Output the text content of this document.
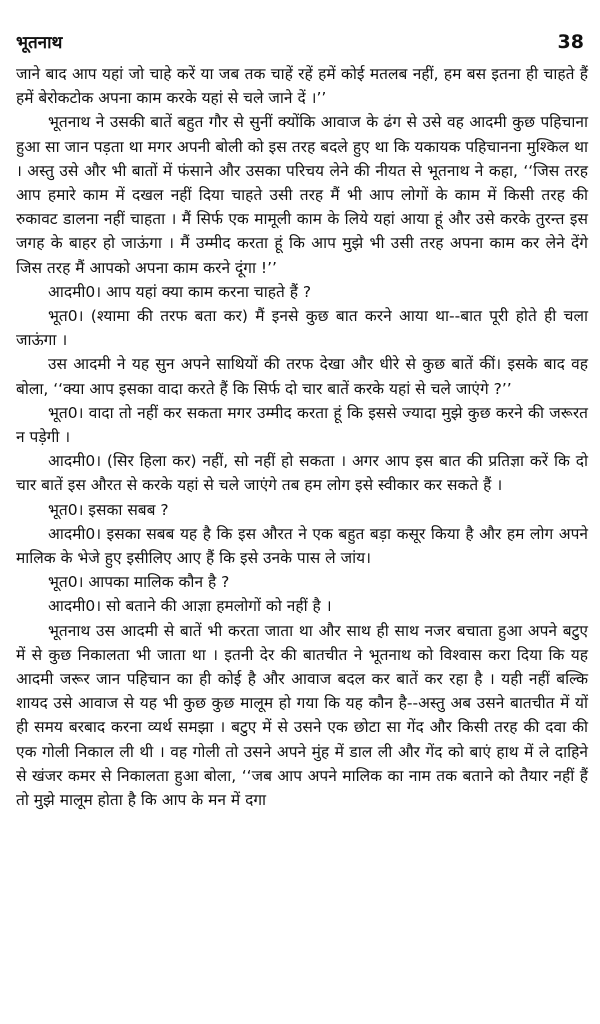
भूतनाथ	38

जाने बाद आप यहां जो चाहे करें या जब तक चाहें रहें हमें कोई मतलब नहीं, हम बस इतना ही चाहते हैं हमें बेरोकटोक अपना काम करके यहां से चले जाने दें ।’’

भूतनाथ ने उसकी बातें बहुत गौर से सुनीं क्योंकि आवाज के ढंग से उसे वह आदमी कुछ पहिचाना हुआ सा जान पड़ता था मगर अपनी बोली को इस तरह बदले हुए था कि यकायक पहिचानना मुश्किल था । अस्तु उसे और भी बातों में फंसाने और उसका परिचय लेने की नीयत से भूतनाथ ने कहा, ‘‘जिस तरह आप हमारे काम में दखल नहीं दिया चाहते उसी तरह मैं भी आप लोगों के काम में किसी तरह की रुकावट डालना नहीं चाहता । मैं सिर्फ एक मामूली काम के लिये यहां आया हूं और उसे करके तुरन्त इस जगह के बाहर हो जाऊंगा । मैं उम्मीद करता हूं कि आप मुझे भी उसी तरह अपना काम कर लेने देंगे जिस तरह मैं आपको अपना काम करने दूंगा !’’

आदमी0। आप यहां क्या काम करना चाहते हैं ?

भूत0। (श्यामा की तरफ बता कर) मैं इनसे कुछ बात करने आया था--बात पूरी होते ही चला जाऊंगा ।

उस आदमी ने यह सुन अपने साथियों की तरफ देखा और धीरे से कुछ बातें कीं। इसके बाद वह बोला, ‘‘क्या आप इसका वादा करते हैं कि सिर्फ दो चार बातें करके यहां से चले जाएंगे ?’’

भूत0। वादा तो नहीं कर सकता मगर उम्मीद करता हूं कि इससे ज्यादा मुझे कुछ करने की जरूरत न पड़ेगी ।

आदमी0। (सिर हिला कर) नहीं, सो नहीं हो सकता । अगर आप इस बात की प्रतिज्ञा करें कि दो चार बातें इस औरत से करके यहां से चले जाएंगे तब हम लोग इसे स्वीकार कर सकते हैं ।

भूत0। इसका सबब ?

आदमी0। इसका सबब यह है कि इस औरत ने एक बहुत बड़ा कसूर किया है और हम लोग अपने मालिक के भेजे हुए इसीलिए आए हैं कि इसे उनके पास ले जांय।

भूत0। आपका मालिक कौन है ?

आदमी0। सो बताने की आज्ञा हमलोगों को नहीं है ।

भूतनाथ उस आदमी से बातें भी करता जाता था और साथ ही साथ नजर बचाता हुआ अपने बटुए में से कुछ निकालता भी जाता था । इतनी देर की बातचीत ने भूतनाथ को विश्वास करा दिया कि यह आदमी जरूर जान पहिचान का ही कोई है और आवाज बदल कर बातें कर रहा है । यही नहीं बल्कि शायद उसे आवाज से यह भी कुछ कुछ मालूम हो गया कि यह कौन है--अस्तु अब उसने बातचीत में यों ही समय बरबाद करना व्यर्थ समझा । बटुए में से उसने एक छोटा सा गेंद और किसी तरह की दवा की एक गोली निकाल ली थी । वह गोली तो उसने अपने मुंह में डाल ली और गेंद को बाएं हाथ में ले दाहिने से खंजर कमर से निकालता हुआ बोला, ‘‘जब आप अपने मालिक का नाम तक बताने को तैयार नहीं हैं तो मुझे मालूम होता है कि आप के मन में दगा
